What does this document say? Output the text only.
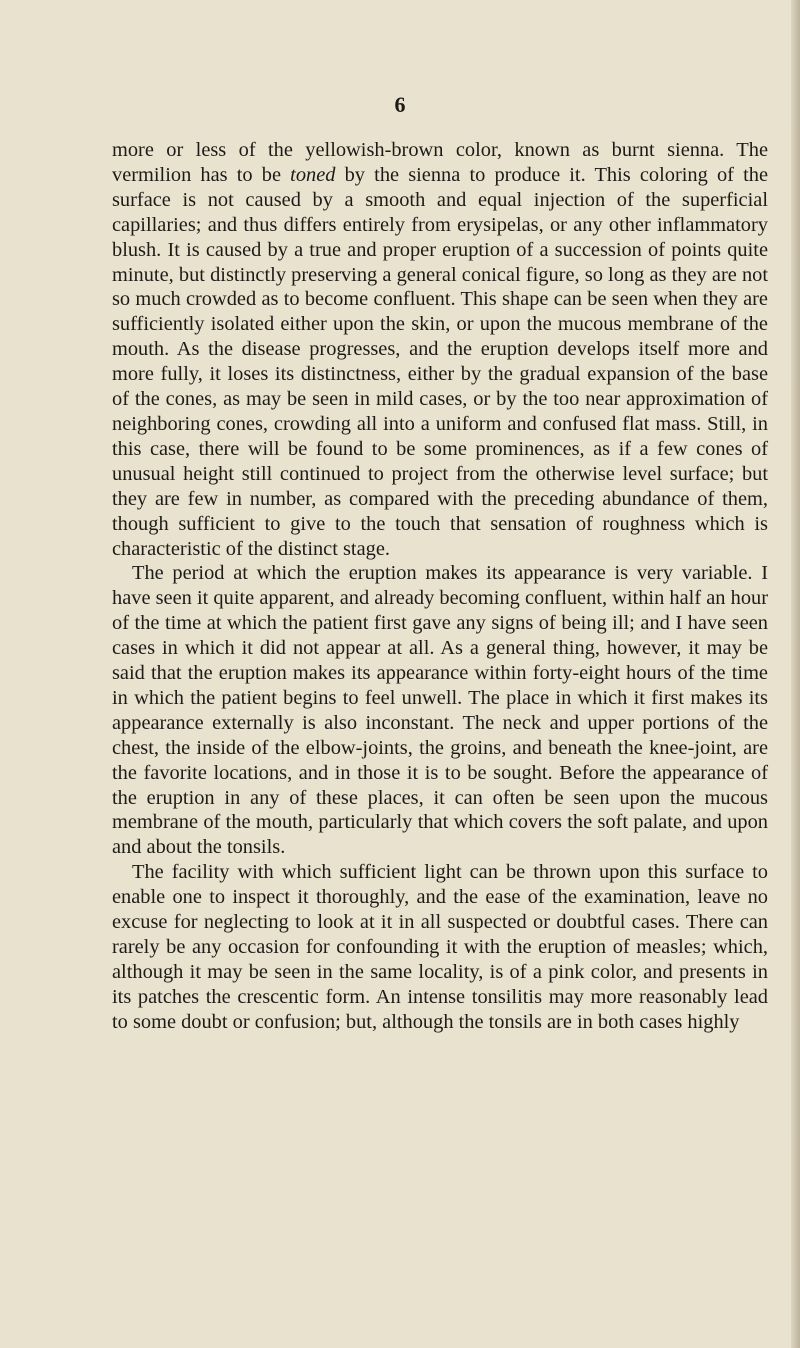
6

more or less of the yellowish-brown color, known as burnt sienna. The vermilion has to be toned by the sienna to produce it. This coloring of the surface is not caused by a smooth and equal injection of the superficial capillaries; and thus differs entirely from erysipelas, or any other inflammatory blush. It is caused by a true and proper eruption of a succession of points quite minute, but distinctly preserving a general conical figure, so long as they are not so much crowded as to become confluent. This shape can be seen when they are sufficiently isolated either upon the skin, or upon the mucous membrane of the mouth. As the disease progresses, and the eruption develops itself more and more fully, it loses its distinctness, either by the gradual expansion of the base of the cones, as may be seen in mild cases, or by the too near approximation of neighboring cones, crowding all into a uniform and confused flat mass. Still, in this case, there will be found to be some prominences, as if a few cones of unusual height still continued to project from the otherwise level surface; but they are few in number, as compared with the preceding abundance of them, though sufficient to give to the touch that sensation of roughness which is characteristic of the distinct stage.

The period at which the eruption makes its appearance is very variable. I have seen it quite apparent, and already becoming confluent, within half an hour of the time at which the patient first gave any signs of being ill; and I have seen cases in which it did not appear at all. As a general thing, however, it may be said that the eruption makes its appearance within forty-eight hours of the time in which the patient begins to feel unwell. The place in which it first makes its appearance externally is also inconstant. The neck and upper portions of the chest, the inside of the elbow-joints, the groins, and beneath the knee-joint, are the favorite locations, and in those it is to be sought. Before the appearance of the eruption in any of these places, it can often be seen upon the mucous membrane of the mouth, particularly that which covers the soft palate, and upon and about the tonsils.

The facility with which sufficient light can be thrown upon this surface to enable one to inspect it thoroughly, and the ease of the examination, leave no excuse for neglecting to look at it in all suspected or doubtful cases. There can rarely be any occasion for confounding it with the eruption of measles; which, although it may be seen in the same locality, is of a pink color, and presents in its patches the crescentic form. An intense tonsilitis may more reasonably lead to some doubt or confusion; but, although the tonsils are in both cases highly
